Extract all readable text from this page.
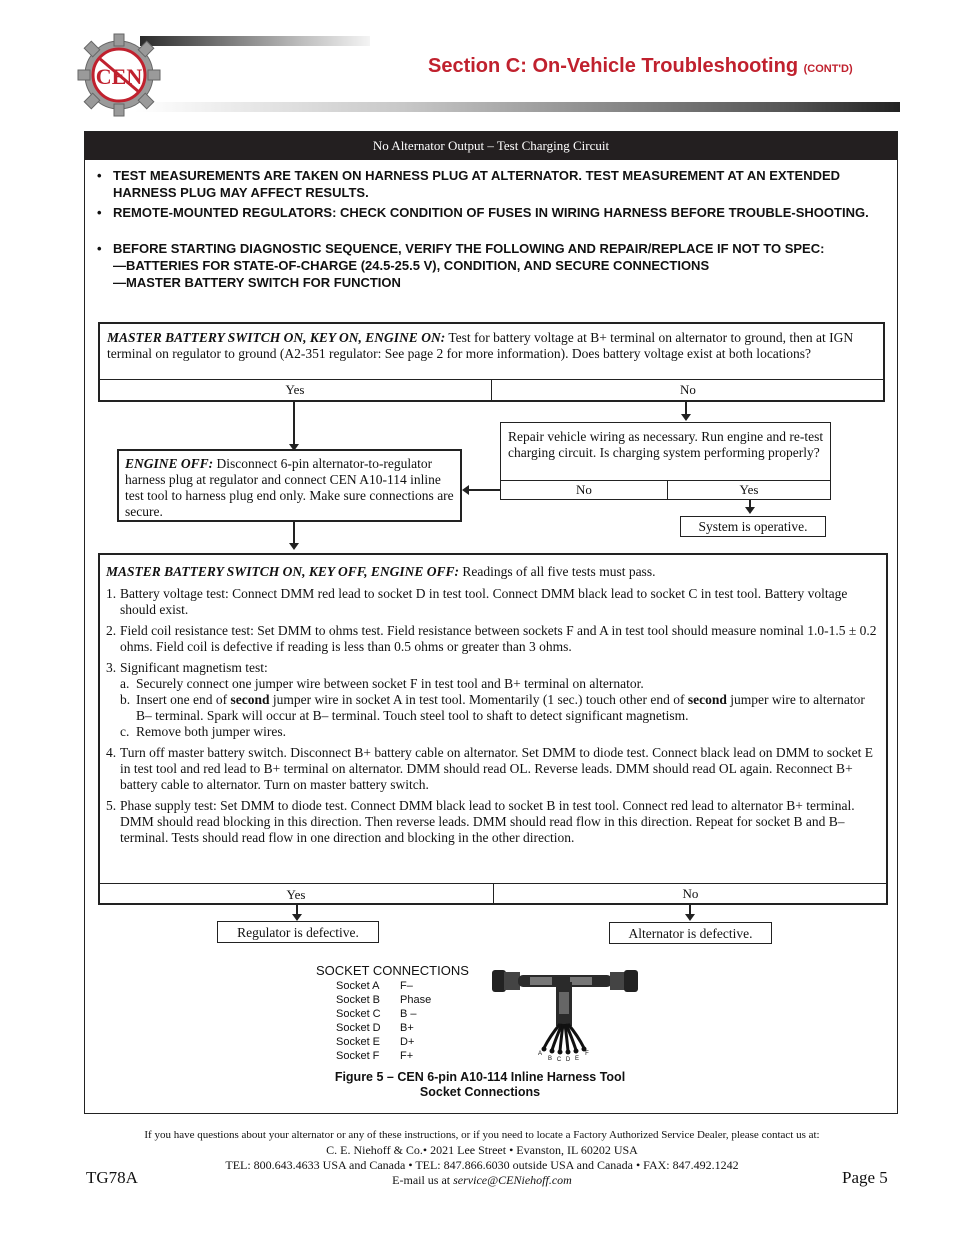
CEN	Section C: On-Vehicle Troubleshooting (CONT'D)
No Alternator Output – Test Charging Circuit
• TEST MEASUREMENTS ARE TAKEN ON HARNESS PLUG AT ALTERNATOR. TEST MEASUREMENT AT AN EXTENDED HARNESS PLUG MAY AFFECT RESULTS.
• REMOTE-MOUNTED REGULATORS: CHECK CONDITION OF FUSES IN WIRING HARNESS BEFORE TROUBLE-SHOOTING.
• BEFORE STARTING DIAGNOSTIC SEQUENCE, VERIFY THE FOLLOWING AND REPAIR/REPLACE IF NOT TO SPEC:
—BATTERIES FOR STATE-OF-CHARGE (24.5-25.5 V), CONDITION, AND SECURE CONNECTIONS
—MASTER BATTERY SWITCH FOR FUNCTION
MASTER BATTERY SWITCH ON, KEY ON, ENGINE ON: Test for battery voltage at B+ terminal on alternator to ground, then at IGN terminal on regulator to ground (A2-351 regulator: See page 2 for more information). Does battery voltage exist at both locations?
Yes	No
Repair vehicle wiring as necessary. Run engine and re-test charging circuit. Is charging system performing properly?
No	Yes
System is operative.
ENGINE OFF: Disconnect 6-pin alternator-to-regulator harness plug at regulator and connect CEN A10-114 inline test tool to harness plug end only. Make sure connections are secure.
MASTER BATTERY SWITCH ON, KEY OFF, ENGINE OFF: Readings of all five tests must pass.
1. Battery voltage test: Connect DMM red lead to socket D in test tool. Connect DMM black lead to socket C in test tool. Battery voltage should exist.
2. Field coil resistance test: Set DMM to ohms test. Field resistance between sockets F and A in test tool should measure nominal 1.0-1.5 ± 0.2 ohms. Field coil is defective if reading is less than 0.5 ohms or greater than 3 ohms.
3. Significant magnetism test:
a. Securely connect one jumper wire between socket F in test tool and B+ terminal on alternator.
b. Insert one end of second jumper wire in socket A in test tool. Momentarily (1 sec.) touch other end of second jumper wire to alternator B– terminal. Spark will occur at B– terminal. Touch steel tool to shaft to detect significant magnetism.
c. Remove both jumper wires.
4. Turn off master battery switch. Disconnect B+ battery cable on alternator. Set DMM to diode test. Connect black lead on DMM to socket E in test tool and red lead to B+ terminal on alternator. DMM should read OL. Reverse leads. DMM should read OL again. Reconnect B+ battery cable to alternator. Turn on master battery switch.
5. Phase supply test: Set DMM to diode test. Connect DMM black lead to socket B in test tool. Connect red lead to alternator B+ terminal. DMM should read blocking in this direction. Then reverse leads. DMM should read flow in this direction. Repeat for socket B and B– terminal. Tests should read flow in one direction and blocking in the other direction.
Yes	No
Regulator is defective.	Alternator is defective.
SOCKET CONNECTIONS
Socket A F–
Socket B Phase
Socket C B –
Socket D B+
Socket E D+
Socket F F+	A
B C D E
F
Figure 5 – CEN 6-pin A10-114 Inline Harness Tool
Socket Connections
If you have questions about your alternator or any of these instructions, or if you need to locate a Factory Authorized Service Dealer, please contact us at:
C. E. Niehoff & Co.• 2021 Lee Street • Evanston, IL 60202 USA
TEL: 800.643.4633 USA and Canada • TEL: 847.866.6030 outside USA and Canada • FAX: 847.492.1242
E-mail us at service@CENiehoff.com
TG78A	Page 5
